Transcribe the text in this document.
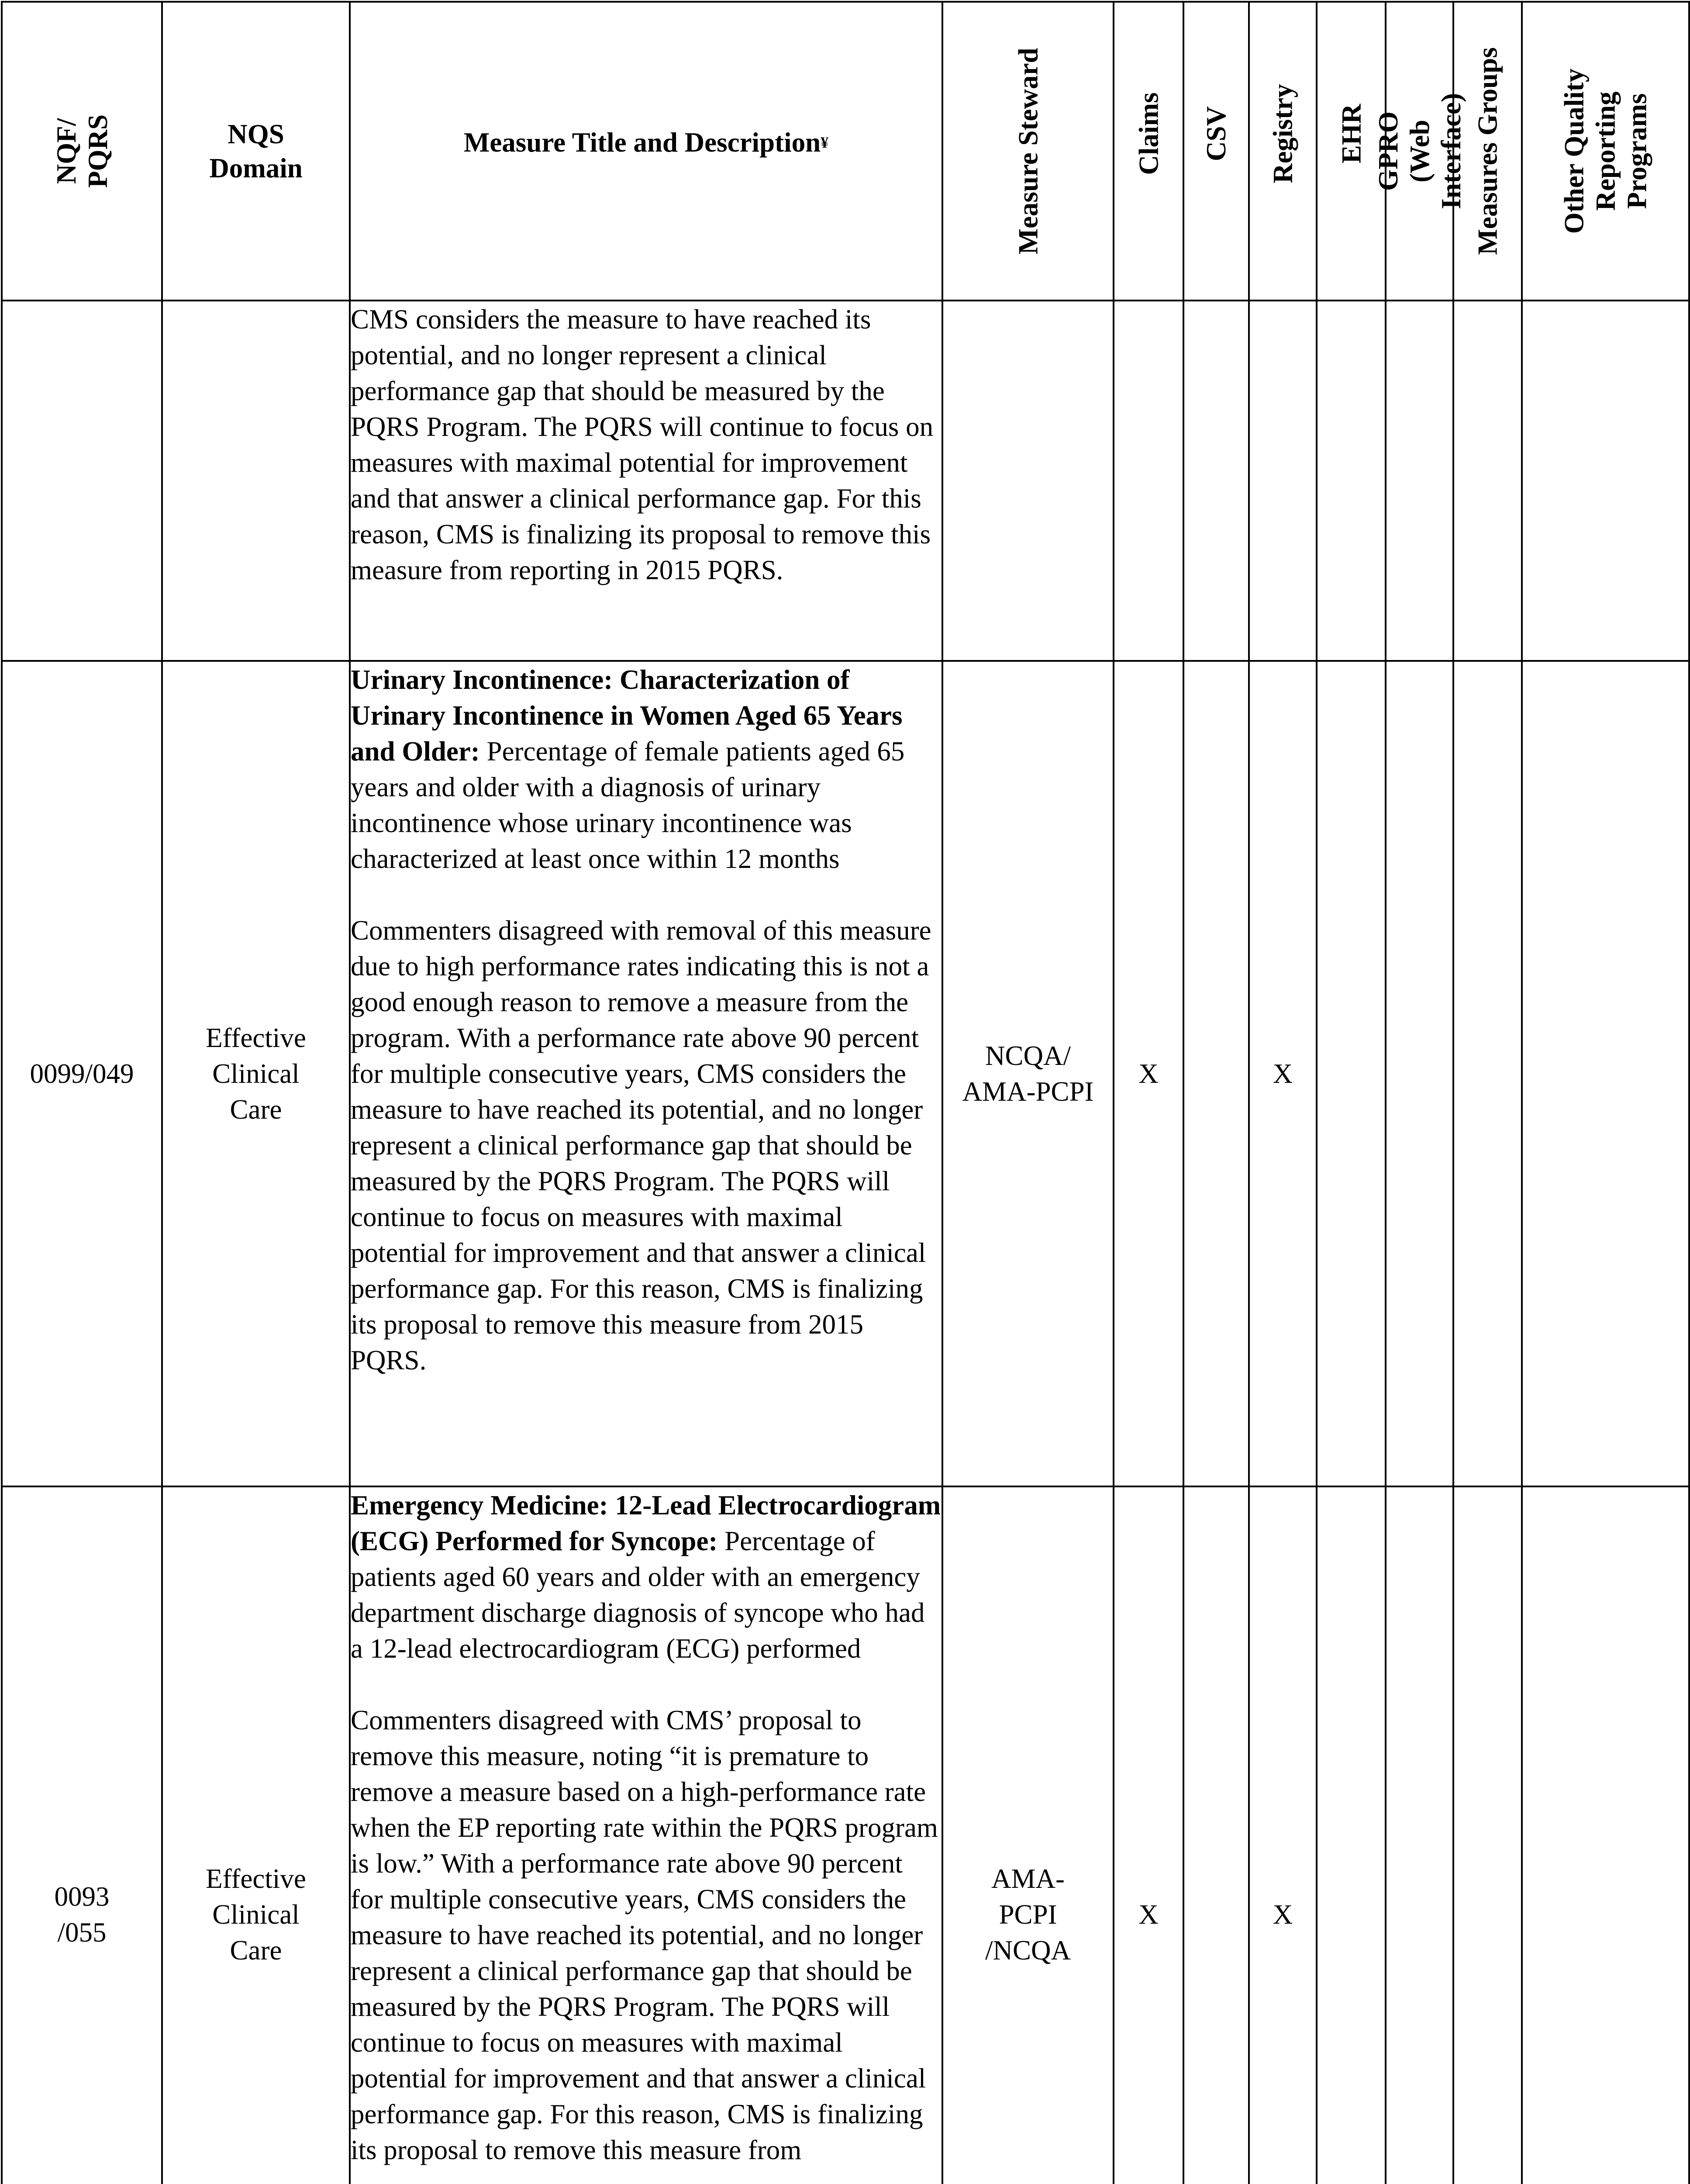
NQF/ PQRS	NQS Domain	Measure Title and Description ¥	Measure Steward	Claims	CSV	Registry	EHR	GPRO (Web Interface)	Measures Groups	Other Quality Reporting Programs

		CMS considers the measure to have reached its potential, and no longer represent a clinical performance gap that should be measured by the PQRS Program. The PQRS will continue to focus on measures with maximal potential for improvement and that answer a clinical performance gap. For this reason, CMS is finalizing its proposal to remove this measure from reporting in 2015 PQRS.								

0099/049	Effective Clinical Care	Urinary Incontinence: Characterization of Urinary Incontinence in Women Aged 65 Years and Older: Percentage of female patients aged 65 years and older with a diagnosis of urinary incontinence whose urinary incontinence was characterized at least once within 12 months

Commenters disagreed with removal of this measure due to high performance rates indicating this is not a good enough reason to remove a measure from the program. With a performance rate above 90 percent for multiple consecutive years, CMS considers the measure to have reached its potential, and no longer represent a clinical performance gap that should be measured by the PQRS Program. The PQRS will continue to focus on measures with maximal potential for improvement and that answer a clinical performance gap. For this reason, CMS is finalizing its proposal to remove this measure from 2015 PQRS.	NCQA/ AMA-PCPI	X		X				
0093 /055	Effective Clinical Care	Emergency Medicine: 12-Lead Electrocardiogram (ECG) Performed for Syncope: Percentage of patients aged 60 years and older with an emergency department discharge diagnosis of syncope who had a 12-lead electrocardiogram (ECG) performed

Commenters disagreed with CMS’ proposal to remove this measure, noting “it is premature to remove a measure based on a high-performance rate when the EP reporting rate within the PQRS program is low.” With a performance rate above 90 percent for multiple consecutive years, CMS considers the measure to have reached its potential, and no longer represent a clinical performance gap that should be measured by the PQRS Program. The PQRS will continue to focus on measures with maximal potential for improvement and that answer a clinical performance gap. For this reason, CMS is finalizing its proposal to remove this measure from	AMA-PCPI /NCQA	X		X				
